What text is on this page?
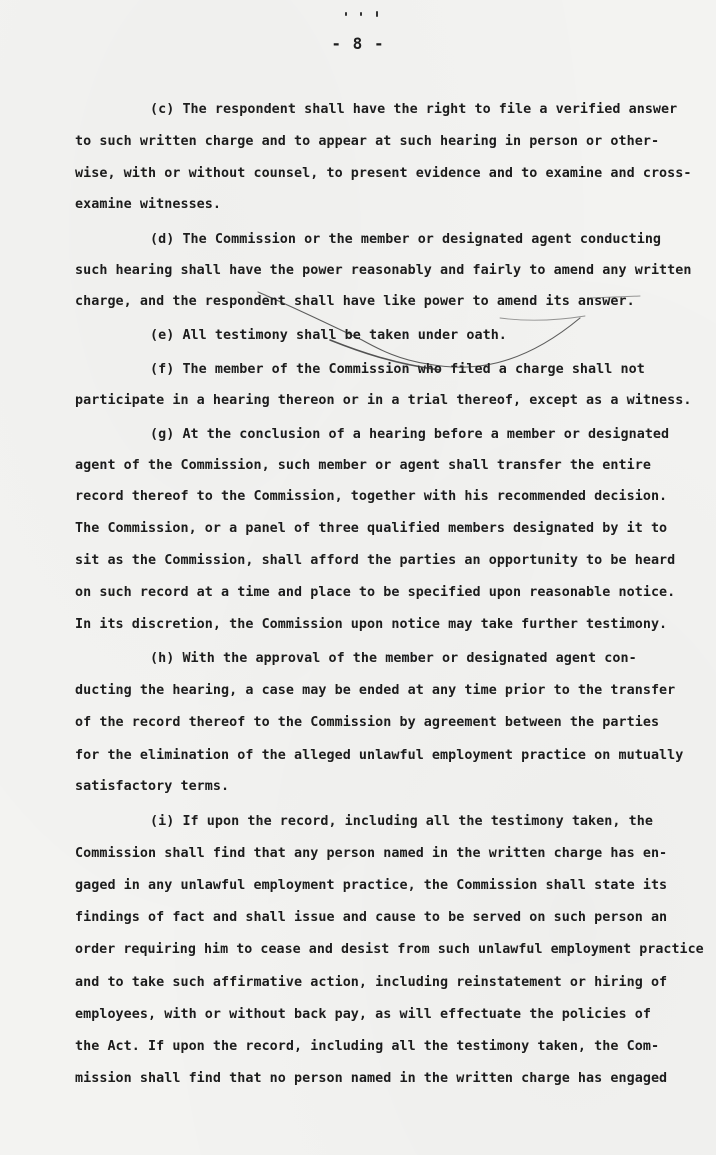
- 8 -
(c) The respondent shall have the right to file a verified answer
to such written charge and to appear at such hearing in person or other-
wise, with or without counsel, to present evidence and to examine and cross-
examine witnesses.
(d) The Commission or the member or designated agent conducting
such hearing shall have the power reasonably and fairly to amend any written
charge, and the respondent shall have like power to amend its answer.
(e) All testimony shall be taken under oath.
(f) The member of the Commission who filed a charge shall not
participate in a hearing thereon or in a trial thereof, except as a witness.
(g) At the conclusion of a hearing before a member or designated
agent of the Commission, such member or agent shall transfer the entire
record thereof to the Commission, together with his recommended decision.
The Commission, or a panel of three qualified members designated by it to
sit as the Commission, shall afford the parties an opportunity to be heard
on such record at a time and place to be specified upon reasonable notice.
In its discretion, the Commission upon notice may take further testimony.
(h) With the approval of the member or designated agent con-
ducting the hearing, a case may be ended at any time prior to the transfer
of the record thereof to the Commission by agreement between the parties
for the elimination of the alleged unlawful employment practice on mutually
satisfactory terms.
(i) If upon the record, including all the testimony taken, the
Commission shall find that any person named in the written charge has en-
gaged in any unlawful employment practice, the Commission shall state its
findings of fact and shall issue and cause to be served on such person an
order requiring him to cease and desist from such unlawful employment practice
and to take such affirmative action, including reinstatement or hiring of
employees, with or without back pay, as will effectuate the policies of
the Act. If upon the record, including all the testimony taken, the Com-
mission shall find that no person named in the written charge has engaged
